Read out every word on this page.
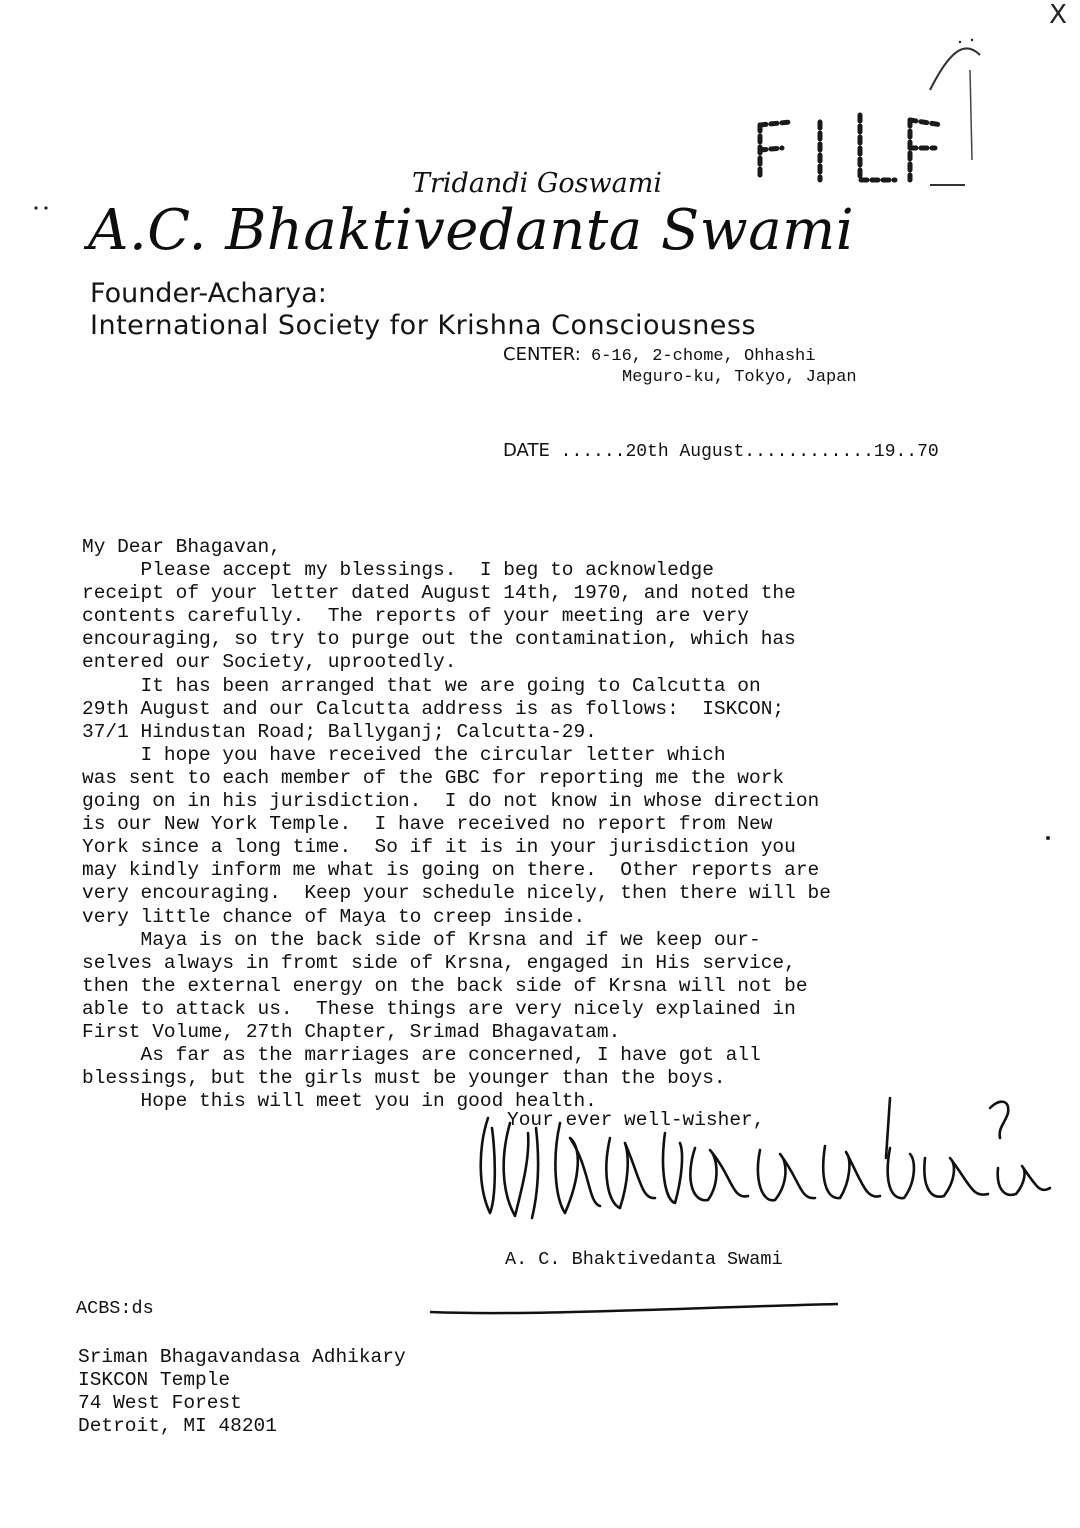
X
Tridandi Goswami
A.C. Bhaktivedanta Swami
Founder-Acharya:
International Society for Krishna Consciousness
CENTER: 6-16, 2-chome, Ohhashi
Meguro-ku, Tokyo, Japan
DATE ......20th August............19..70

My Dear Bhagavan,

Please accept my blessings.  I beg to acknowledge

receipt of your letter dated August 14th, 1970, and noted the

contents carefully.  The reports of your meeting are very

encouraging, so try to purge out the contamination, which has

entered our Society, uprootedly.

It has been arranged that we are going to Calcutta on

29th August and our Calcutta address is as follows:  ISKCON;

37/1 Hindustan Road; Ballyganj; Calcutta-29.

I hope you have received the circular letter which

was sent to each member of the GBC for reporting me the work

going on in his jurisdiction.  I do not know in whose direction

is our New York Temple.  I have received no report from New

York since a long time.  So if it is in your jurisdiction you

may kindly inform me what is going on there.  Other reports are

very encouraging.  Keep your schedule nicely, then there will be

very little chance of Maya to creep inside.

Maya is on the back side of Krsna and if we keep our-

selves always in fromt side of Krsna, engaged in His service,

then the external energy on the back side of Krsna will not be

able to attack us.  These things are very nicely explained in

First Volume, 27th Chapter, Srimad Bhagavatam.

As far as the marriages are concerned, I have got all

blessings, but the girls must be younger than the boys.

Hope this will meet you in good health.

Your ever well-wisher,
A. C. Bhaktivedanta Swami
ACBS:ds

Sriman Bhagavandasa Adhikary

ISKCON Temple

74 West Forest

Detroit, MI 48201
